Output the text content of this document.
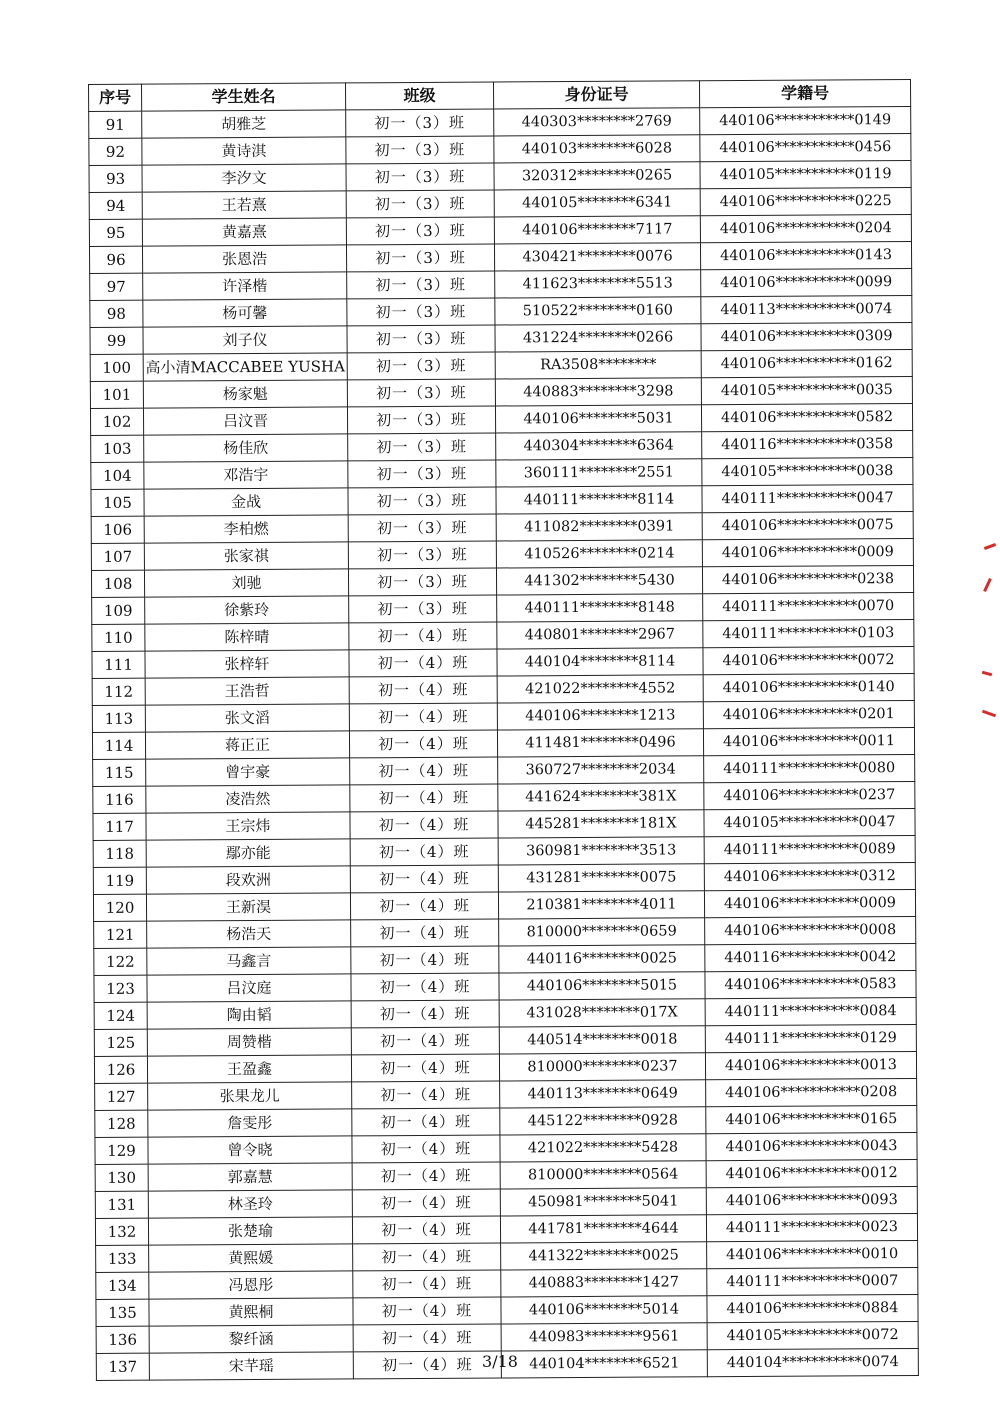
序号	学生姓名	班级	身份证号	学籍号
91	胡雅芝	初一（3）班	440303********2769	440106***********0149
92	黄诗淇	初一（3）班	440103********6028	440106***********0456
93	李汐文	初一（3）班	320312********0265	440105***********0119
94	王若熹	初一（3）班	440105********6341	440106***********0225
95	黄嘉熹	初一（3）班	440106********7117	440106***********0204
96	张恩浩	初一（3）班	430421********0076	440106***********0143
97	许泽楷	初一（3）班	411623********5513	440106***********0099
98	杨可馨	初一（3）班	510522********0160	440113***********0074
99	刘子仪	初一（3）班	431224********0266	440106***********0309
100	高小清MACCABEE YUSHA	初一（3）班	RA3508********	440106***********0162
101	杨家魁	初一（3）班	440883********3298	440105***********0035
102	吕汶晋	初一（3）班	440106********5031	440106***********0582
103	杨佳欣	初一（3）班	440304********6364	440116***********0358
104	邓浩宇	初一（3）班	360111********2551	440105***********0038
105	金战	初一（3）班	440111********8114	440111***********0047
106	李柏燃	初一（3）班	411082********0391	440106***********0075
107	张家祺	初一（3）班	410526********0214	440106***********0009
108	刘驰	初一（3）班	441302********5430	440106***********0238
109	徐紫玲	初一（3）班	440111********8148	440111***********0070
110	陈梓晴	初一（4）班	440801********2967	440111***********0103
111	张梓轩	初一（4）班	440104********8114	440106***********0072
112	王浩哲	初一（4）班	421022********4552	440106***********0140
113	张文滔	初一（4）班	440106********1213	440106***********0201
114	蒋正正	初一（4）班	411481********0496	440106***********0011
115	曾宇豪	初一（4）班	360727********2034	440111***********0080
116	凌浩然	初一（4）班	441624********381X	440106***********0237
117	王宗炜	初一（4）班	445281********181X	440105***********0047
118	鄢亦能	初一（4）班	360981********3513	440111***********0089
119	段欢洲	初一（4）班	431281********0075	440106***********0312
120	王新淏	初一（4）班	210381********4011	440106***********0009
121	杨浩天	初一（4）班	810000********0659	440106***********0008
122	马鑫言	初一（4）班	440116********0025	440116***********0042
123	吕汶庭	初一（4）班	440106********5015	440106***********0583
124	陶由韬	初一（4）班	431028********017X	440111***********0084
125	周赞楷	初一（4）班	440514********0018	440111***********0129
126	王盈鑫	初一（4）班	810000********0237	440106***********0013
127	张果龙儿	初一（4）班	440113********0649	440106***********0208
128	詹雯彤	初一（4）班	445122********0928	440106***********0165
129	曾令晓	初一（4）班	421022********5428	440106***********0043
130	郭嘉慧	初一（4）班	810000********0564	440106***********0012
131	林圣玲	初一（4）班	450981********5041	440106***********0093
132	张楚瑜	初一（4）班	441781********4644	440111***********0023
133	黄熙媛	初一（4）班	441322********0025	440106***********0010
134	冯恩彤	初一（4）班	440883********1427	440111***********0007
135	黄熙桐	初一（4）班	440106********5014	440106***********0884
136	黎纤涵	初一（4）班	440983********9561	440105***********0072
137	宋芊瑶	初一（4）班	440104********6521	440104***********0074
3/18
